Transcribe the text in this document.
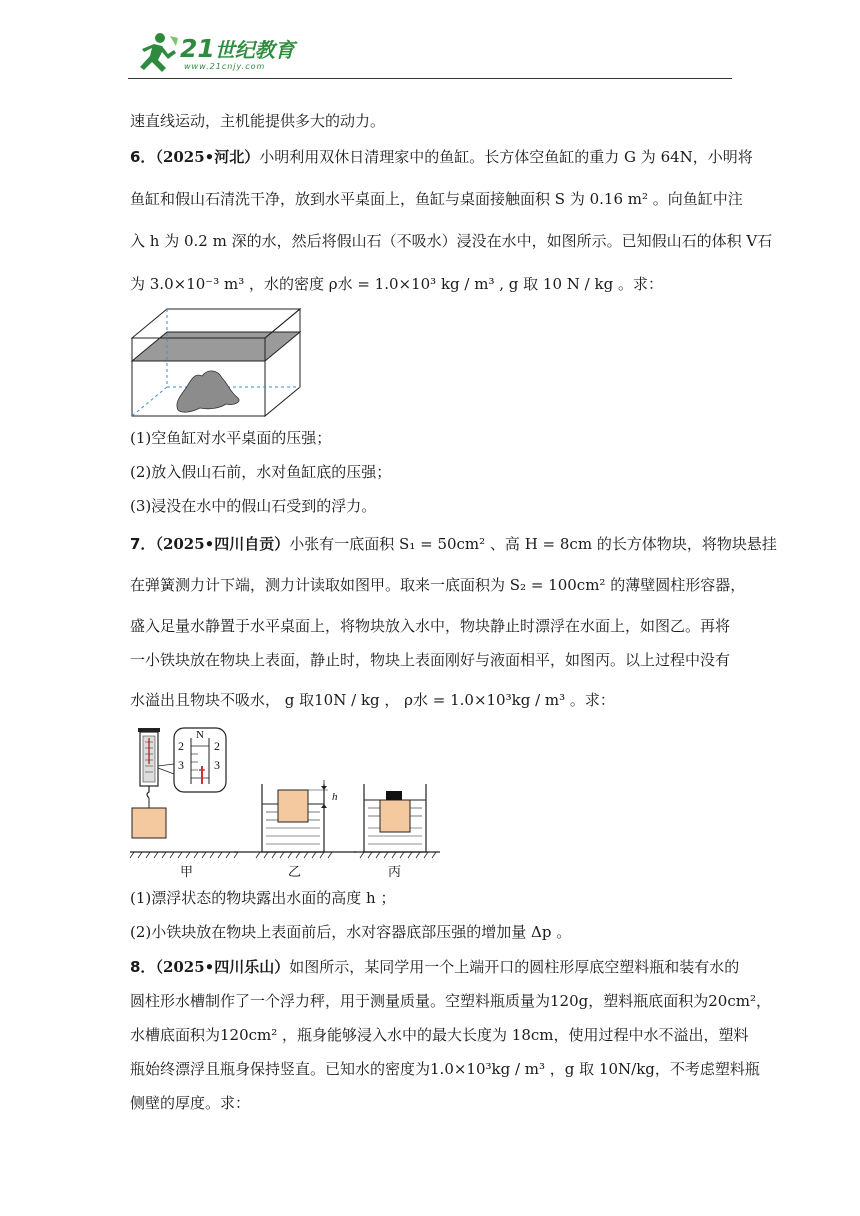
21世纪教育
www.21cnjy.com
速直线运动，主机能提供多大的动力。
6．（2025•河北）小明利用双休日清理家中的鱼缸。长方体空鱼缸的重力 G 为 64N，小明将
鱼缸和假山石清洗干净，放到水平桌面上，鱼缸与桌面接触面积 S 为 0.16 m² 。向鱼缸中注
入 h 为 0.2 m 深的水，然后将假山石（不吸水）浸没在水中，如图所示。已知假山石的体积 V石
为 3.0×10⁻³ m³ ，水的密度 ρ水 = 1.0×10³ kg / m³ , g 取 10 N / kg 。求：
(1)空鱼缸对水平桌面的压强；
(2)放入假山石前，水对鱼缸底的压强；
(3)浸没在水中的假山石受到的浮力。
7．（2025•四川自贡）小张有一底面积 S₁ = 50cm² 、高 H = 8cm 的长方体物块，将物块悬挂
在弹簧测力计下端，测力计读取如图甲。取来一底面积为 S₂ = 100cm² 的薄壁圆柱形容器，
盛入足量水静置于水平桌面上，将物块放入水中，物块静止时漂浮在水面上，如图乙。再将
一小铁块放在物块上表面，静止时，物块上表面刚好与液面相平，如图丙。以上过程中没有
水溢出且物块不吸水， g 取10N / kg ， ρ水 = 1.0×10³kg / m³ 。求：
N
2
3
2
3
h
甲	乙	丙
(1)漂浮状态的物块露出水面的高度 h ；
(2)小铁块放在物块上表面前后，水对容器底部压强的增加量 Δp 。
8．（2025•四川乐山）如图所示，某同学用一个上端开口的圆柱形厚底空塑料瓶和装有水的
圆柱形水槽制作了一个浮力秤，用于测量质量。空塑料瓶质量为120g，塑料瓶底面积为20cm²，
水槽底面积为120cm² ，瓶身能够浸入水中的最大长度为 18cm，使用过程中水不溢出，塑料
瓶始终漂浮且瓶身保持竖直。已知水的密度为1.0×10³kg / m³ ，g 取 10N/kg，不考虑塑料瓶
侧壁的厚度。求：
